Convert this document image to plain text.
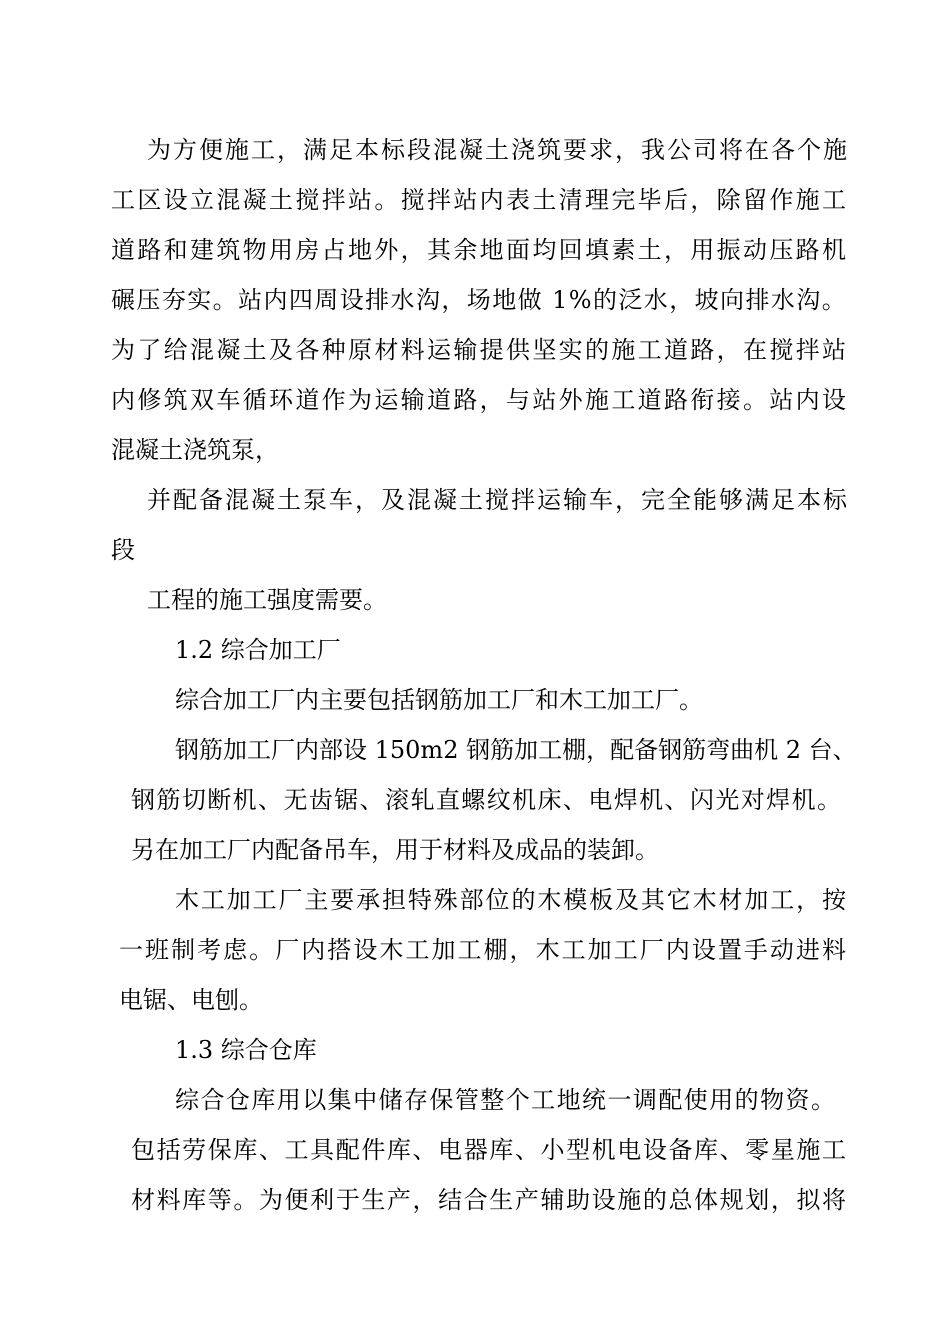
为方便施工，满足本标段混凝土浇筑要求，我公司将在各个施
工区设立混凝土搅拌站。搅拌站内表土清理完毕后，除留作施工
道路和建筑物用房占地外，其余地面均回填素土，用振动压路机
碾压夯实。站内四周设排水沟，场地做 1%的泛水，坡向排水沟。
为了给混凝土及各种原材料运输提供坚实的施工道路，在搅拌站
内修筑双车循环道作为运输道路，与站外施工道路衔接。站内设
混凝土浇筑泵，
并配备混凝土泵车，及混凝土搅拌运输车，完全能够满足本标
段
工程的施工强度需要。
1.2 综合加工厂
综合加工厂内主要包括钢筋加工厂和木工加工厂。
钢筋加工厂内部设 150m2 钢筋加工棚，配备钢筋弯曲机 2 台、
钢筋切断机、无齿锯、滚轧直螺纹机床、电焊机、闪光对焊机。
另在加工厂内配备吊车，用于材料及成品的装卸。
木工加工厂主要承担特殊部位的木模板及其它木材加工，按
一班制考虑。厂内搭设木工加工棚，木工加工厂内设置手动进料
电锯、电刨。
1.3 综合仓库
综合仓库用以集中储存保管整个工地统一调配使用的物资。
包括劳保库、工具配件库、电器库、小型机电设备库、零星施工
材料库等。为便利于生产，结合生产辅助设施的总体规划，拟将
